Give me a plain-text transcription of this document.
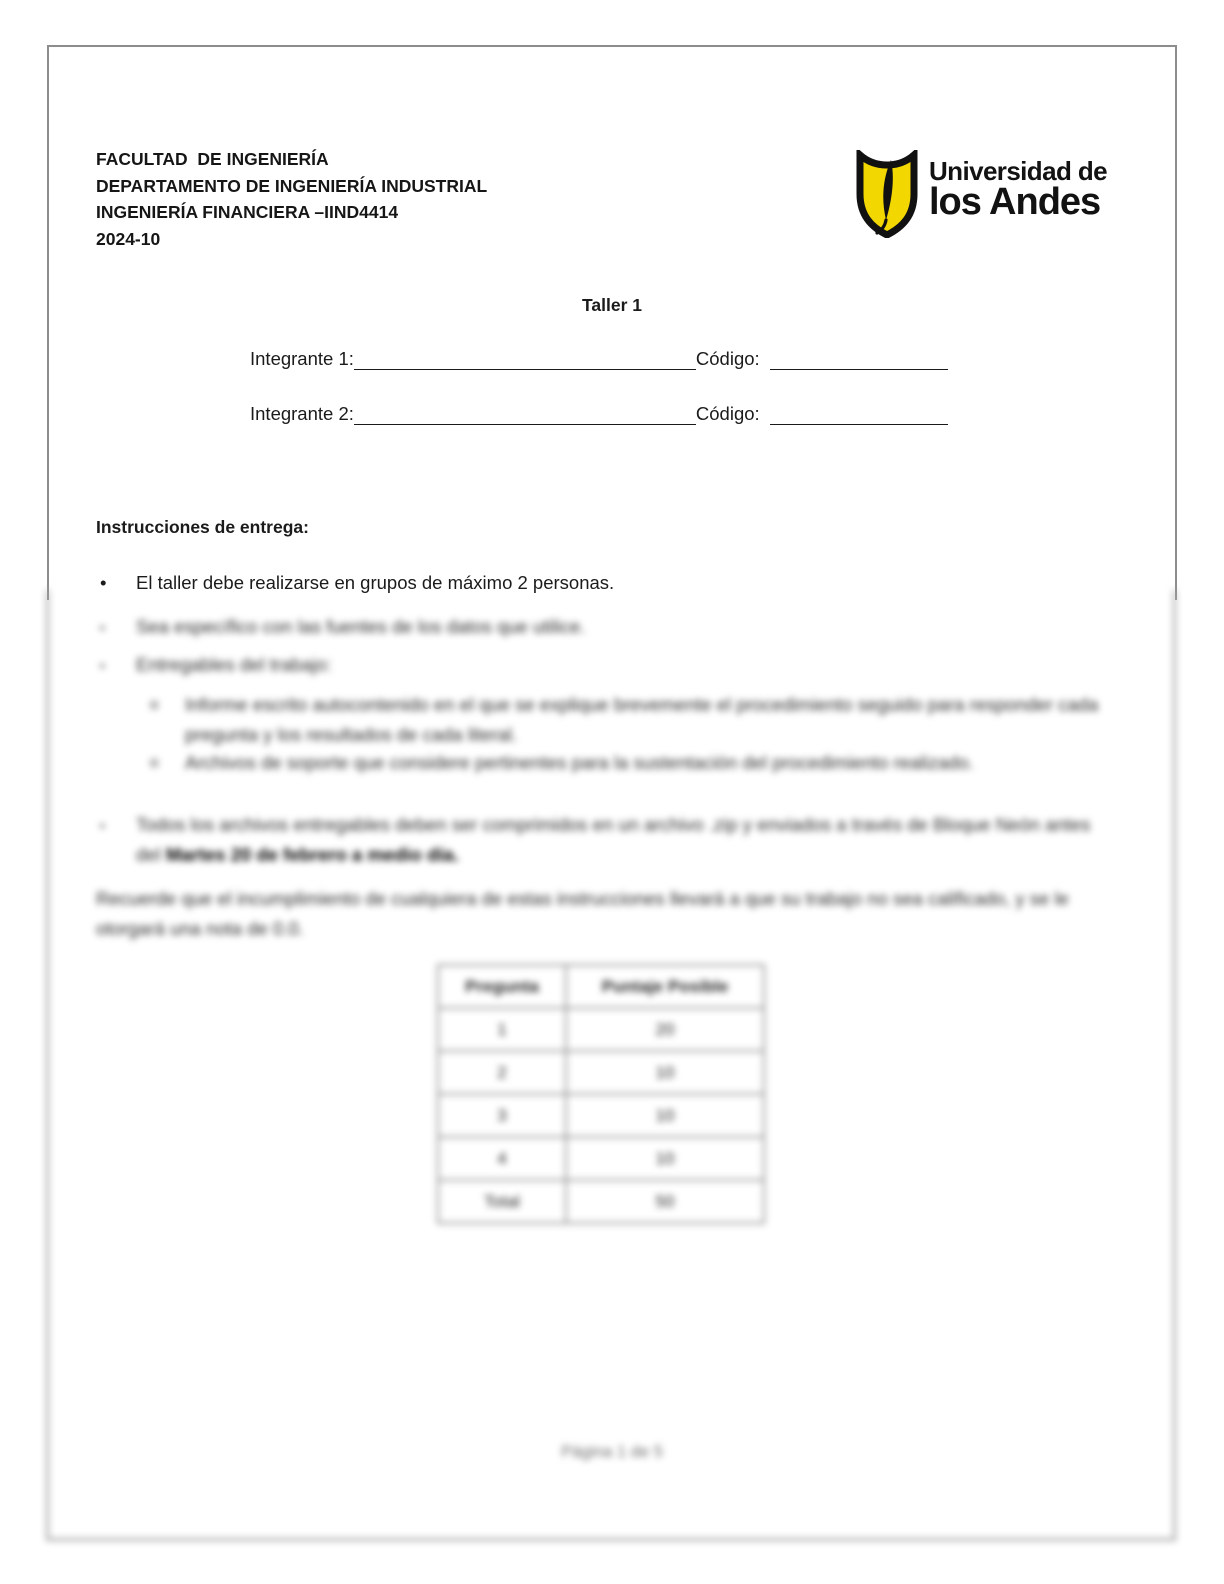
FACULTAD  DE INGENIERÍA
DEPARTAMENTO DE INGENIERÍA INDUSTRIAL
INGENIERÍA FINANCIERA –IIND4414
2024-10
Universidad de
los Andes
Taller 1
Integrante 1:	Código:
Integrante 2:	Código:
Instrucciones de entrega:
•	El taller debe realizarse en grupos de máximo 2 personas.
▪	Sea específico con las fuentes de los datos que utilice.
▪	Entregables del trabajo:
o	Informe escrito autocontenido en el que se explique brevemente el procedimiento seguido para responder cada pregunta y los resultados de cada literal.
o	Archivos de soporte que considere pertinentes para la sustentación del procedimiento realizado.
▪	Todos los archivos entregables deben ser comprimidos en un archivo .zip y enviados a través de Bloque Neón antes del Martes 20 de febrero a medio día.
Recuerde que el incumplimiento de cualquiera de estas instrucciones llevará a que su trabajo no sea calificado, y se le otorgará una nota de 0.0.
Pregunta	Puntaje Posible
1	20
2	10
3	10
4	10
Total	50
Página 1 de 5
